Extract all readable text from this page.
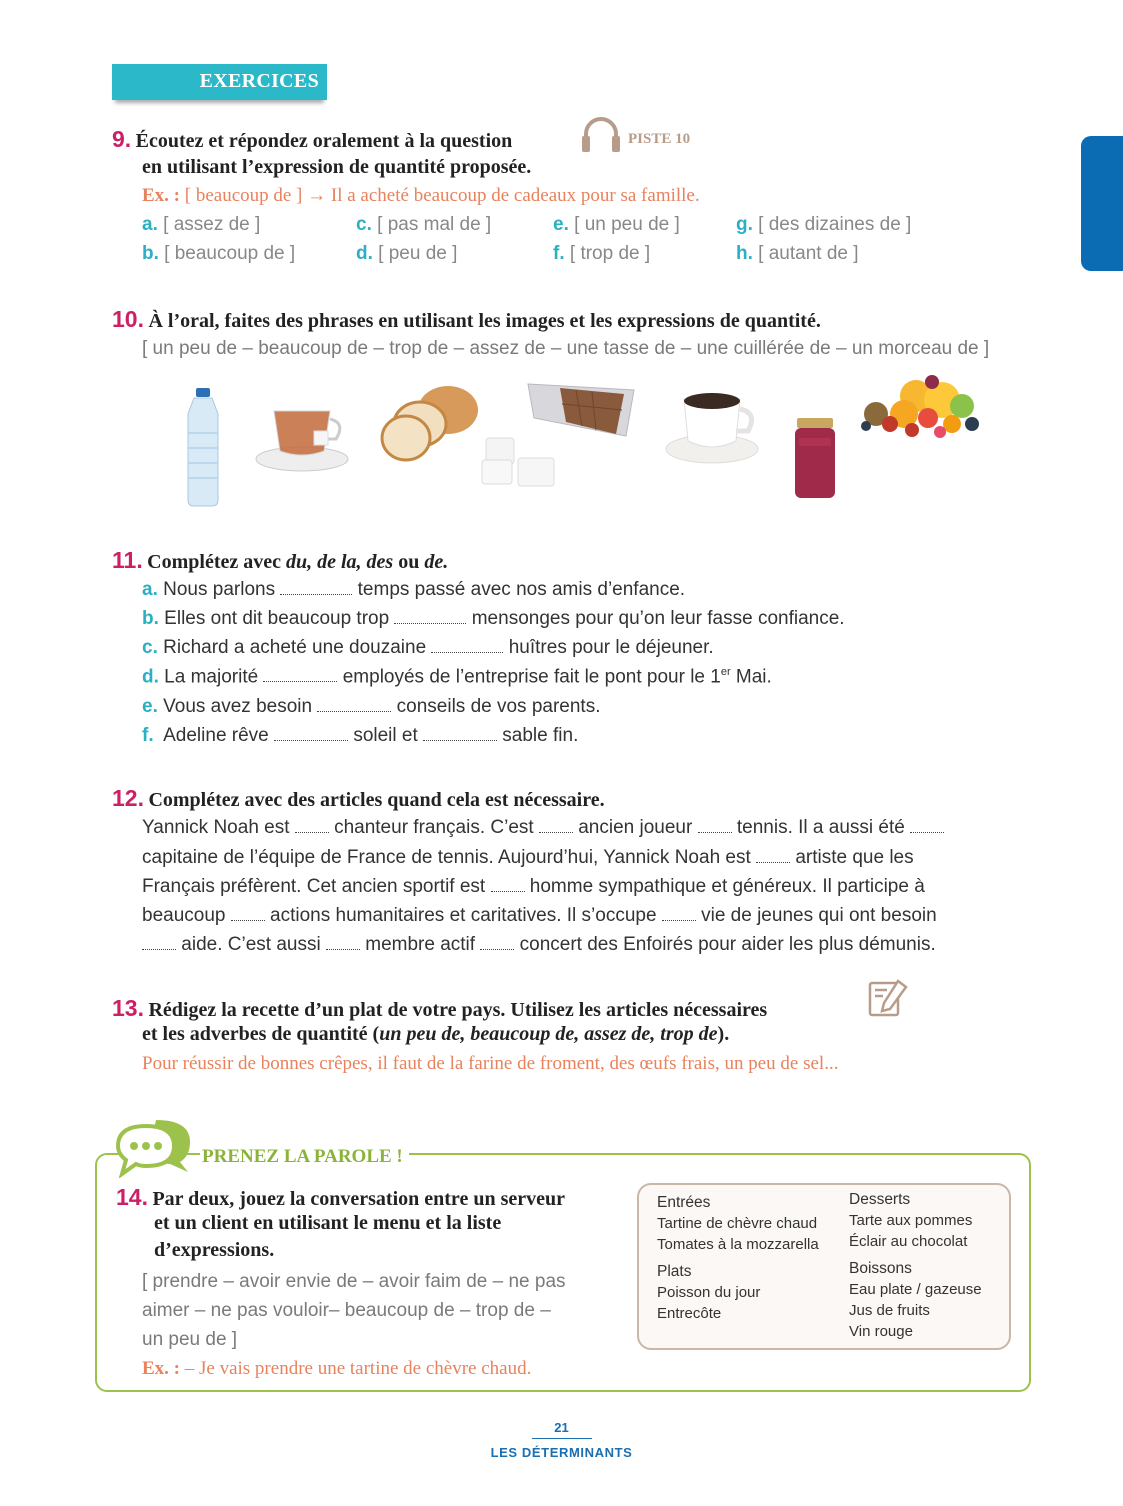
EXERCICES
9. Écoutez et répondez oralement à la question	PISTE 10
en utilisant l’expression de quantité proposée.
Ex. : [ beaucoup de ] → Il a acheté beaucoup de cadeaux pour sa famille.
a. [ assez de ]
b. [ beaucoup de ]
c. [ pas mal de ]
d. [ peu de ]
e. [ un peu de ]
f. [ trop de ]
g. [ des dizaines de ]
h. [ autant de ]
10. À l’oral, faites des phrases en utilisant les images et les expressions de quantité.
[ un peu de – beaucoup de – trop de – assez de – une tasse de – une cuillérée de – un morceau de ]
11. Complétez avec du, de la, des ou de.
a. Nous parlons	temps passé avec nos amis d’enfance.
b. Elles ont dit beaucoup trop	mensonges pour qu’on leur fasse confiance.
c. Richard a acheté une douzaine	huîtres pour le déjeuner.
d. La majorité	employés de l’entreprise fait le pont pour le 1er Mai.
e. Vous avez besoin	conseils de vos parents.
f. Adeline rêve	soleil et	sable fin.
12. Complétez avec des articles quand cela est nécessaire.
Yannick Noah est chanteur français. C’est ancien joueur tennis. Il a aussi été
capitaine de l’équipe de France de tennis. Aujourd’hui, Yannick Noah est artiste que les
Français préfèrent. Cet ancien sportif est homme sympathique et généreux. Il participe à
beaucoup actions humanitaires et caritatives. Il s’occupe vie de jeunes qui ont besoin
aide. C’est aussi membre actif concert des Enfoirés pour aider les plus démunis.
13. Rédigez la recette d’un plat de votre pays. Utilisez les articles nécessaires
et les adverbes de quantité (un peu de, beaucoup de, assez de, trop de).
Pour réussir de bonnes crêpes, il faut de la farine de froment, des œufs frais, un peu de sel...
PRENEZ LA PAROLE !
14. Par deux, jouez la conversation entre un serveur
et un client en utilisant le menu et la liste
d’expressions.
[ prendre – avoir envie de – avoir faim de – ne pas
aimer – ne pas vouloir– beaucoup de – trop de –
un peu de ]
Ex. : – Je vais prendre une tartine de chèvre chaud.
Entrées
Tartine de chèvre chaud
Tomates à la mozzarella
Plats
Poisson du jour
Entrecôte
Desserts
Tarte aux pommes
Éclair au chocolat
Boissons
Eau plate / gazeuse
Jus de fruits
Vin rouge
21
LES DÉTERMINANTS
